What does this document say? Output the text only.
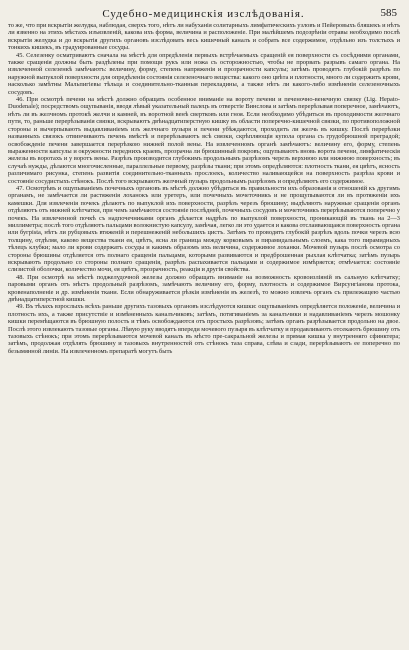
Судебно-медицинскія изслѣдованія.	585

то же, что при вскрытіи желудка, наблюдая, сверхъ того, нѣтъ ли набуханія солитарныхъ лимфатическихъ узловъ и Пейеровыхъ бляшекъ и нѣтъ ли язвенно на этихъ мѣстахъ изъязвленій, какова ихъ форма, величина и расположеніе. При малѣйшемъ подозрѣніи отравы необходимо послѣ вскрытія желудка и до вскрытія другихъ органовъ изслѣдовать весь кишечный каналъ и собрать все содержимое, отдѣльно изъ толстыхъ и тонкихъ кишекъ, въ градуированные сосуды.

45. Селезенку осматриваютъ сначала на мѣстѣ для опредѣленія первыхъ встрѣчаемыхъ сращеній ея поверхности съ сосѣдними органами, также сращенія должны быть раздѣлены при помощи рукъ или ножа съ осторожностью, чтобы не прорвать разрывъ самаго органа. На извлеченной селезенкѣ замѣчаютъ: величину, форму, степень напряженія и прозрачности капсулы; затѣмъ проводятъ глубокій разрѣзъ по наружной выпуклой поверхности для опредѣленія состоянія селезеночнаго вещества: какого оно цвѣта и плотности, много ли содержитъ крови, насколько замѣтны Мальпигіевы тѣльца и соединительно-тканныя перекладины, а также нѣтъ ли какого-либо измѣненія селезеночныхъ сосудовъ.

46. При осмотрѣ печени на мѣстѣ должно обращать особенное вниманіе на вороту печени и печеночно-венечную связку (Lig. Hepato-Duodenale); посредствомъ ощупыванія, вводя лѣвый указательный палецъ въ отверстіе Винслова и затѣмъ перерѣзывая поперечное, замѣчаютъ, нѣтъ ли въ желчномъ протокѣ желчи и камней, въ воротной венѣ свертковъ или гноя. Если необходимо убѣдиться въ проходимости желчнаго пути, то, раньше перерѣзыванія связки, вскрываютъ двѣнадцатиперстную кишку въ области поперечно-кишечной связки, по противоположной стороны и вычерпываютъ выдавливаніемъ изъ желчнаго пузыря и печени убѣждаются, проходитъ ли желчь въ кишку. Послѣ перерѣзки названныхъ связокъ отвинчиваютъ печень вмѣстѣ и перерѣзываютъ всѣ связки, скрѣпляющія купола органа съ грудобрюшной преградой; освобожденіе печени завершается перерѣзкою нижней полой вены. На извлеченномъ органѣ замѣчаютъ: величину его, форму, степень выраженности капсулы и окружности переднихъ краевъ, прозрачна ли брюшинный покровъ; ощупываютъ вновь ворота печени, лимфатическія железы въ воротахъ и у воротъ вены. Разрѣзъ производится глубокимъ продольнымъ разрѣзомъ черезъ верхнюю или нижнюю поверхность; въ случаѣ нужды, дѣлаются многочисленные, параллельные первому, разрѣзы ткани; при этомъ опредѣляются: плотность ткани, ея цвѣтъ, ясность различимаго рисунка, степень развитія соединительно-тканныхъ прослоекъ, количество наливающейся на поверхность разрѣза крови и состояніе сосудистыхъ стѣнокъ. Послѣ того вскрываютъ желчный пузырь продольнымъ разрѣзомъ и опредѣляютъ его содержимое.

47. Осмотрѣвъ и ощупываніемъ почечныхъ органовъ въ мѣстѣ должно убѣдиться въ правильности ихъ образованія и отношеній къ другимъ органамъ, не замѣчается ли растяженія лоханокъ или уретеръ, или почечныхъ мочеточникъ и не прощупываются ли въ протяженіи ихъ камешки. Для извлеченія почекъ дѣлаютъ по выпуклой ихъ поверхности, разрѣзъ черезъ брюшину; выдѣляютъ наружные сращенія органъ отдѣляютъ отъ нижней клѣтчатки, при чемъ замѣчаются состояніе послѣдней, почечныхъ сосудовъ и мочеточникъ перерѣзываются поперечно у почекъ. На извлеченной почкѣ съ надпочечниками органъ дѣлается надрѣзъ по выпуклой поверхности, проникающій въ ткань на 2—3 миллиметра; послѣ того отдѣляютъ пальцами волокнистую капсулу, замѣчая, легко ли это удается и какова отслаивающаяся поверхность органа или бугрista, нѣтъ ли рубцовыхъ втяженій и перешнеженій небольшихъ цистъ. Затѣмъ то проводятъ глубокій разрѣзъ вдоль почки черезъ всю толщину, отдѣляя, каково вещества ткани ея, цвѣтъ, ясна ли граница между корковымъ и пирамидальнымъ слоемъ, кака того пирамидныхъ тѣлецъ клубки; мало ли крови содержатъ сосуды и какимъ образомъ ихъ величина, содержимое лоханки. Мочевой пузырь послѣ осмотра со стороны брюшины отдѣляется отъ полнаго сращенія пальцами, которыми развиваются и предброшенная рыхлая клѣтчатка; затѣмъ пузырь вскрываютъ продольно со стороны полнаго сращенія, разрѣзъ распахивается пальцами и содержимое измѣряется; отмѣчается: состояніе слизистой оболочки, количество мочи, ея цвѣтъ, прозрачность, реакція и другія свойства.

48. При осмотрѣ на мѣстѣ поджелудочной железы должно обращать вниманіе на возможность кровоизліяній въ сальную клѣтчатку; паровыми органъ отъ мѣстъ продольный разрѣзомъ, замѣчаютъ величину его, форму, плотность и содержимое Вирсунгіанова протока, кровенаполненіе и др. измѣненія ткани. Если обнаруживается рѣзкія измѣненія въ железѣ, то можно извлечь органъ съ прилежащею частью двѣнадцатиперстной кишки.

49. Въ тѣлахъ взрослыхъ всѣхъ раньше другихъ тазовыхъ органовъ изслѣдуются кишки: ощупываніемъ опредѣляется положеніе, величина и плотность ихъ, а также присутствіе и измѣненныхъ каналъчиковъ; затѣмъ, потягиваніемъ за каналъчики и надавливаніемъ черезъ мошонку кишки перемѣщаются въ брюшную полость и тѣмъ освобождаются отъ простыхъ разрѣзовъ; затѣмъ органъ разрѣзывается продольно на двое. Послѣ этого извлекаютъ тазовые органы. Лѣвую руку вводятъ впереди мочевого пузыря въ клѣтчатку и продавливаютъ отсекаютъ брюшину отъ тазовыхъ стѣнокъ; при этомъ перерѣзываются мочевой каналъ въ мѣсто пре-сакральной железы и прямая кишка у внутренняго сфинктера; затѣмъ, продолжая отдѣлять брюшину и тазовыхъ внутренностей отъ стѣнокъ таза справа, слѣва и сзади, перерѣзываютъ ее поперечно по безымянной линіи. На извлеченномъ препаратѣ могутъ быть
